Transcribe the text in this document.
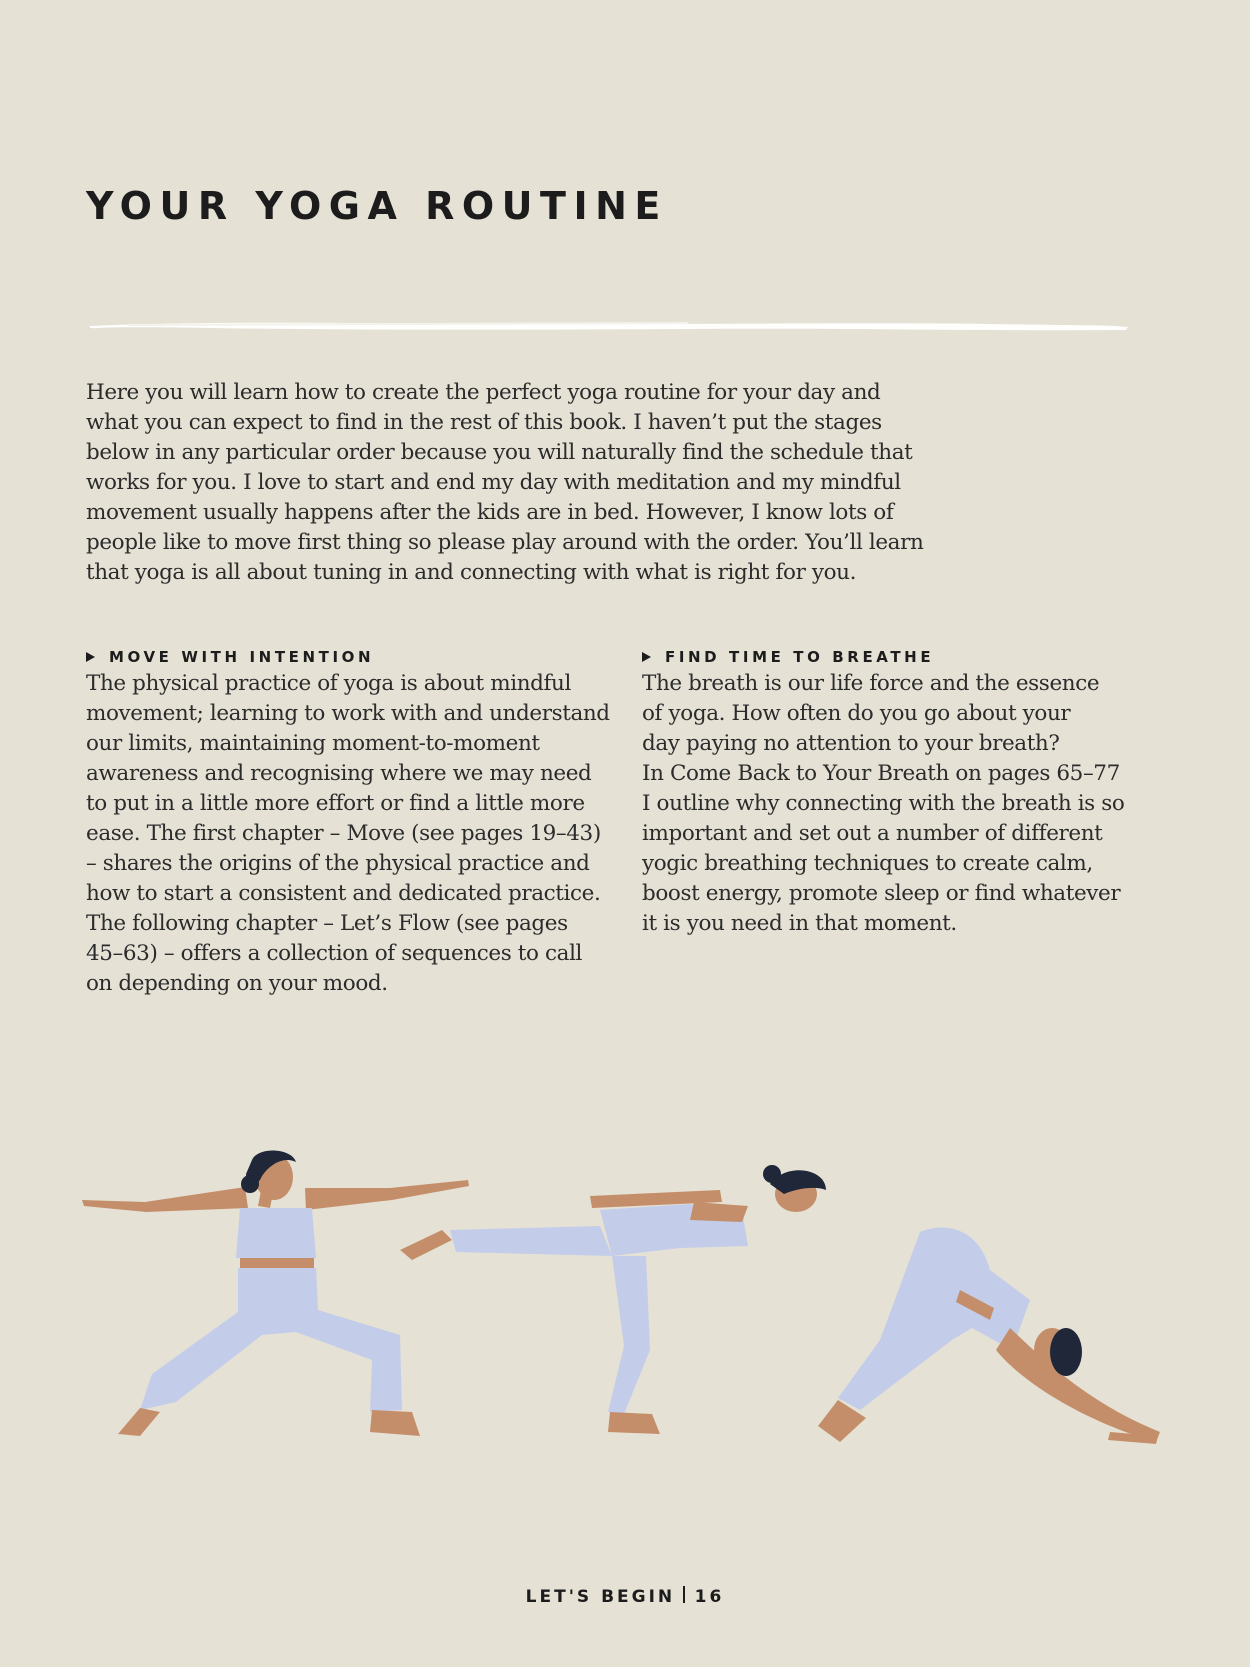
YOUR YOGA ROUTINE

Here you will learn how to create the perfect yoga routine for your day and what you can expect to find in the rest of this book. I haven’t put the stages below in any particular order because you will naturally find the schedule that works for you. I love to start and end my day with meditation and my mindful movement usually happens after the kids are in bed. However, I know lots of people like to move first thing so please play around with the order. You’ll learn that yoga is all about tuning in and connecting with what is right for you.

MOVE WITH INTENTION

The physical practice of yoga is about mindful
movement; learning to work with and understand
our limits, maintaining moment-to-moment
awareness and recognising where we may need
to put in a little more effort or find a little more
ease. The first chapter – Move (see pages 19–43)
– shares the origins of the physical practice and
how to start a consistent and dedicated practice.
The following chapter – Let’s Flow (see pages
45–63) – offers a collection of sequences to call
on depending on your mood.

FIND TIME TO BREATHE

The breath is our life force and the essence
of yoga. How often do you go about your
day paying no attention to your breath?
In Come Back to Your Breath on pages 65–77
I outline why connecting with the breath is so
important and set out a number of different
yogic breathing techniques to create calm,
boost energy, promote sleep or find whatever
it is you need in that moment.

LET'S BEGIN 16
